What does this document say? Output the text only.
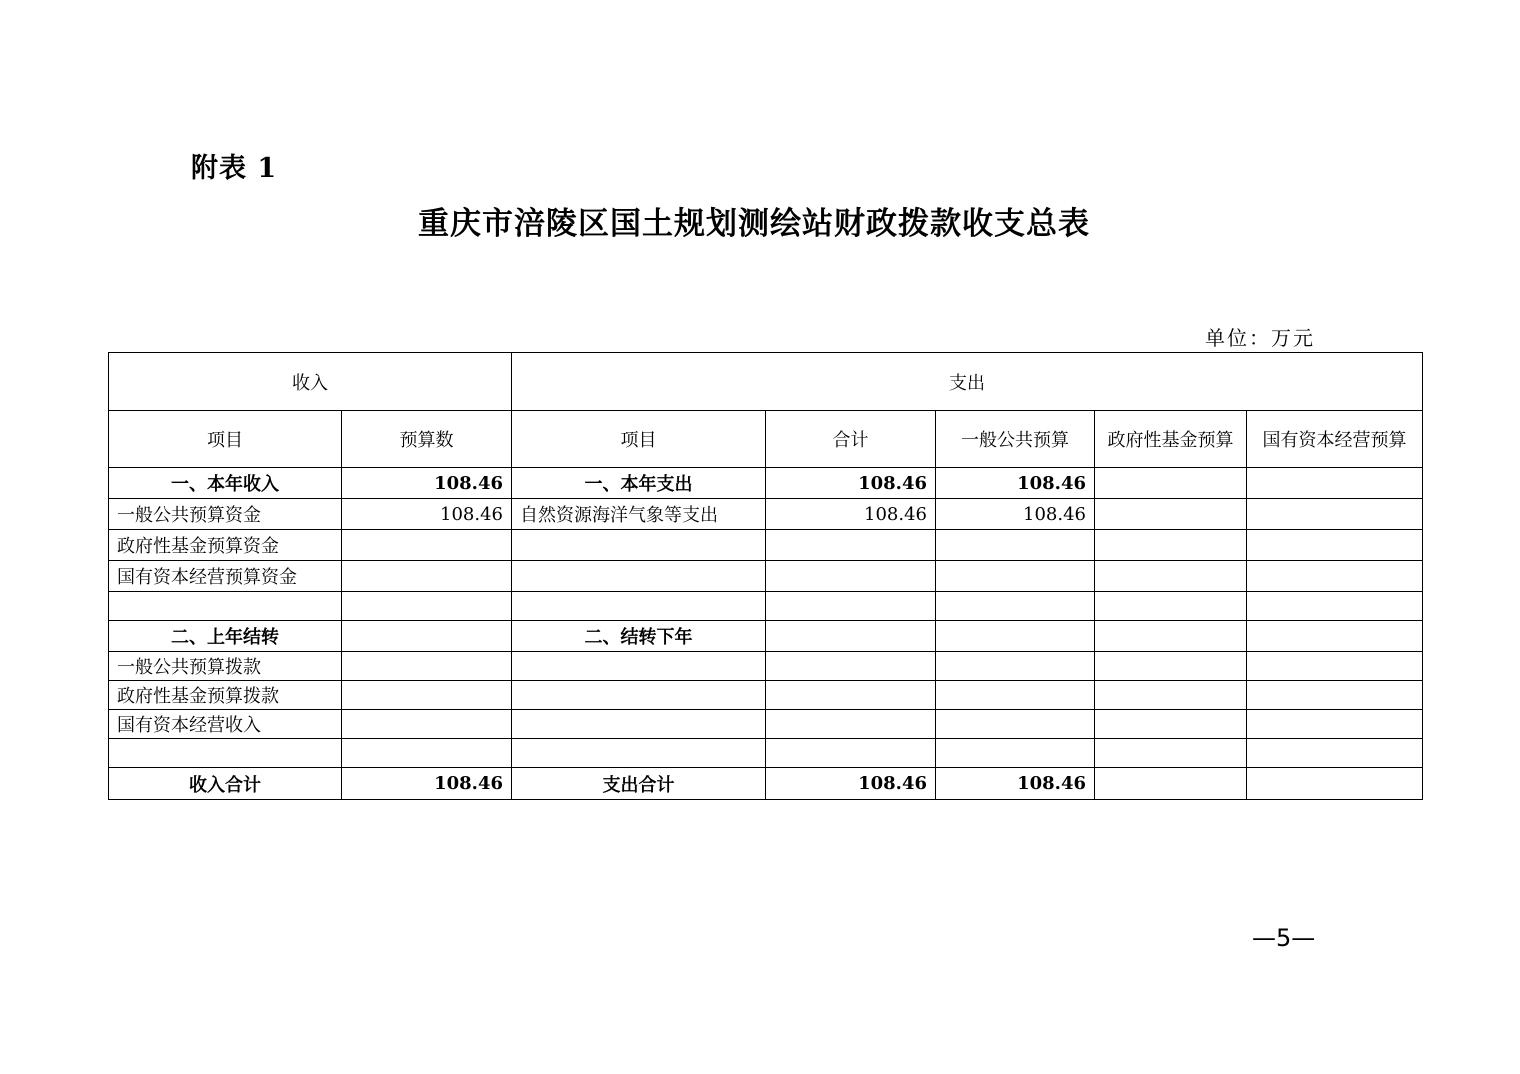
附表 1
重庆市涪陵区国土规划测绘站财政拨款收支总表
单位：万元
收入		支出				
项目	预算数	项目	合计	一般公共预算	政府性基金预算	国有资本经营预算
一、本年收入	108.46	一、本年支出	108.46	108.46		
一般公共预算资金	108.46	自然资源海洋气象等支出	108.46	108.46		
政府性基金预算资金						
国有资本经营预算资金						

二、上年结转		二、结转下年				
一般公共预算拨款						
政府性基金预算拨款						
国有资本经营收入						

收入合计	108.46	支出合计	108.46	108.46		
—5—
